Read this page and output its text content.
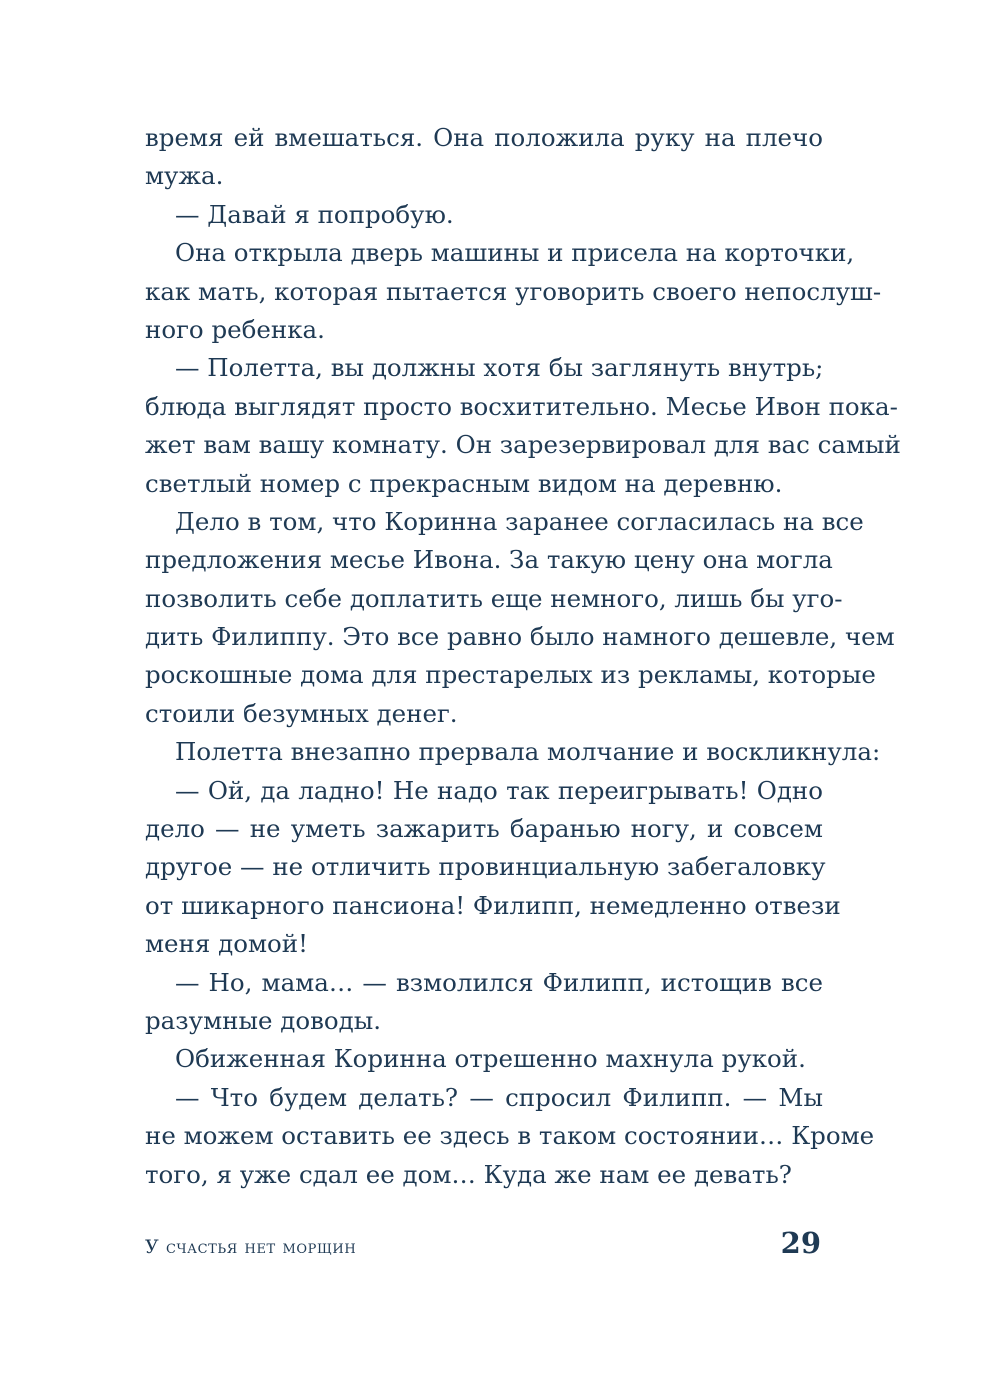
время ей вмешаться. Она положила руку на плечо
мужа.
— Давай я попробую.
Она открыла дверь машины и присела на корточки,
как мать, которая пытается уговорить своего непослуш-
ного ребенка.
— Полетта, вы должны хотя бы заглянуть внутрь;
блюда выглядят просто восхитительно. Месье Ивон пока-
жет вам вашу комнату. Он зарезервировал для вас самый
светлый номер с прекрасным видом на деревню.
Дело в том, что Коринна заранее согласилась на все
предложения месье Ивона. За такую цену она могла
позволить себе доплатить еще немного, лишь бы уго-
дить Филиппу. Это все равно было намного дешевле, чем
роскошные дома для престарелых из рекламы, которые
стоили безумных денег.
Полетта внезапно прервала молчание и воскликнула:
— Ой, да ладно! Не надо так переигрывать! Одно
дело — не уметь зажарить баранью ногу, и совсем
другое — не отличить провинциальную забегаловку
от шикарного пансиона! Филипп, немедленно отвези
меня домой!
— Но, мама… — взмолился Филипп, истощив все
разумные доводы.
Обиженная Коринна отрешенно махнула рукой.
— Что будем делать? — спросил Филипп. — Мы
не можем оставить ее здесь в таком состоянии… Кроме
того, я уже сдал ее дом… Куда же нам ее девать?
У счастья нет морщин	29
